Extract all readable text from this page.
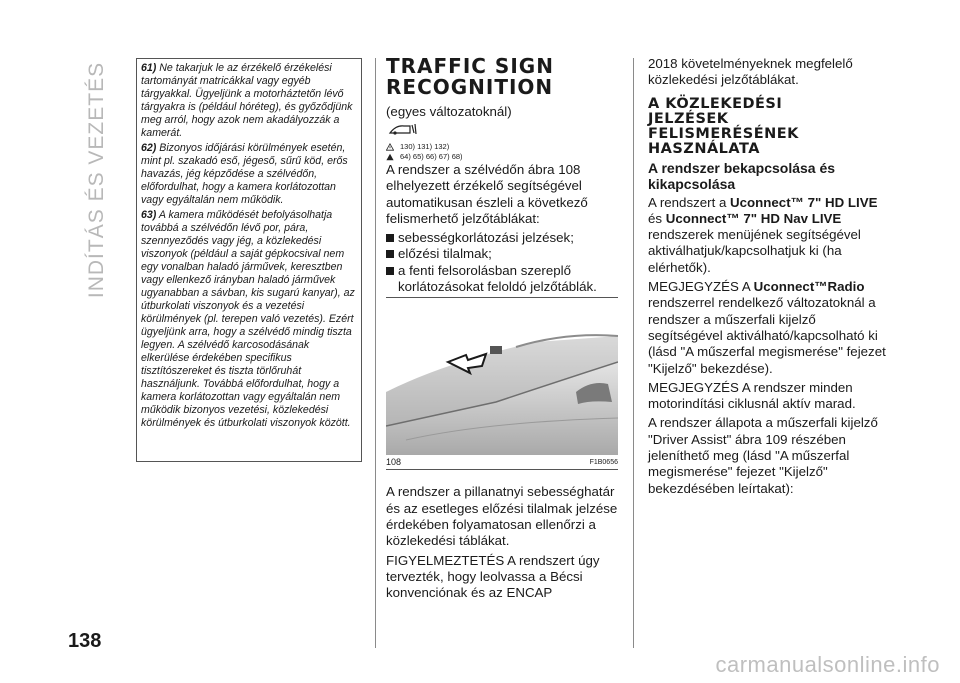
INDÍTÁS ÉS VEZETÉS	61) Ne takarjuk le az érzékelő érzékelési tartományát matricákkal vagy egyéb tárgyakkal. Ügyeljünk a motorháztetőn lévő tárgyakra is (például hóréteg), és győződjünk meg arról, hogy azok nem akadályozzák a kamerát.

62) Bizonyos időjárási körülmények esetén, mint pl. szakadó eső, jégeső, sűrű köd, erős havazás, jég képződése a szélvédőn, előfordulhat, hogy a kamera korlátozottan vagy egyáltalán nem működik.

63) A kamera működését befolyásolhatja továbbá a szélvédőn lévő por, pára, szennyeződés vagy jég, a közlekedési viszonyok (például a saját gépkocsival nem egy vonalban haladó járművek, keresztben vagy ellenkező irányban haladó járművek ugyanabban a sávban, kis sugarú kanyar), az útburkolati viszonyok és a vezetési körülmények (pl. terepen való vezetés). Ezért ügyeljünk arra, hogy a szélvédő mindig tiszta legyen. A szélvédő karcosodásának elkerülése érdekében specifikus tisztítószereket és tiszta törlőruhát használjunk. Továbbá előfordulhat, hogy a kamera korlátozottan vagy egyáltalán nem működik bizonyos vezetési, közlekedési körülmények és útburkolati viszonyok között.

TRAFFIC SIGN
RECOGNITION
(egyes változatoknál)
130) 131) 132)
64) 65) 66) 67) 68)

A rendszer a szélvédőn ábra 108 elhelyezett érzékelő segítségével automatikusan észleli a következő felismerhető jelzőtáblákat:

sebességkorlátozási jelzések;

előzési tilalmak;

a fenti felsorolásban szereplő korlátozásokat feloldó jelzőtáblák.

108	F1B0656

A rendszer a pillanatnyi sebességhatár és az esetleges előzési tilalmak jelzése érdekében folyamatosan ellenőrzi a közlekedési táblákat.

FIGYELMEZTETÉS A rendszert úgy tervezték, hogy leolvassa a Bécsi konvenciónak és az ENCAP

2018 követelményeknek megfelelő közlekedési jelzőtáblákat.

A KÖZLEKEDÉSI
JELZÉSEK
FELISMERÉSÉNEK
HASZNÁLATA
A rendszer bekapcsolása és kikapcsolása

A rendszert a Uconnect™ 7" HD LIVE és Uconnect™ 7" HD Nav LIVE rendszerek menüjének segítségével aktiválhatjuk/kapcsolhatjuk ki (ha elérhetők).

MEGJEGYZÉS A Uconnect™Radio rendszerrel rendelkező változatoknál a rendszer a műszerfali kijelző segítségével aktiválható/kapcsolható ki (lásd "A műszerfal megismerése" fejezet "Kijelző" bekezdése).

MEGJEGYZÉS A rendszer minden motorindítási ciklusnál aktív marad.

A rendszer állapota a műszerfali kijelző "Driver Assist" ábra 109 részében jeleníthető meg (lásd "A műszerfal megismerése" fejezet "Kijelző" bekezdésében leírtakat):

138
carmanualsonline.info
